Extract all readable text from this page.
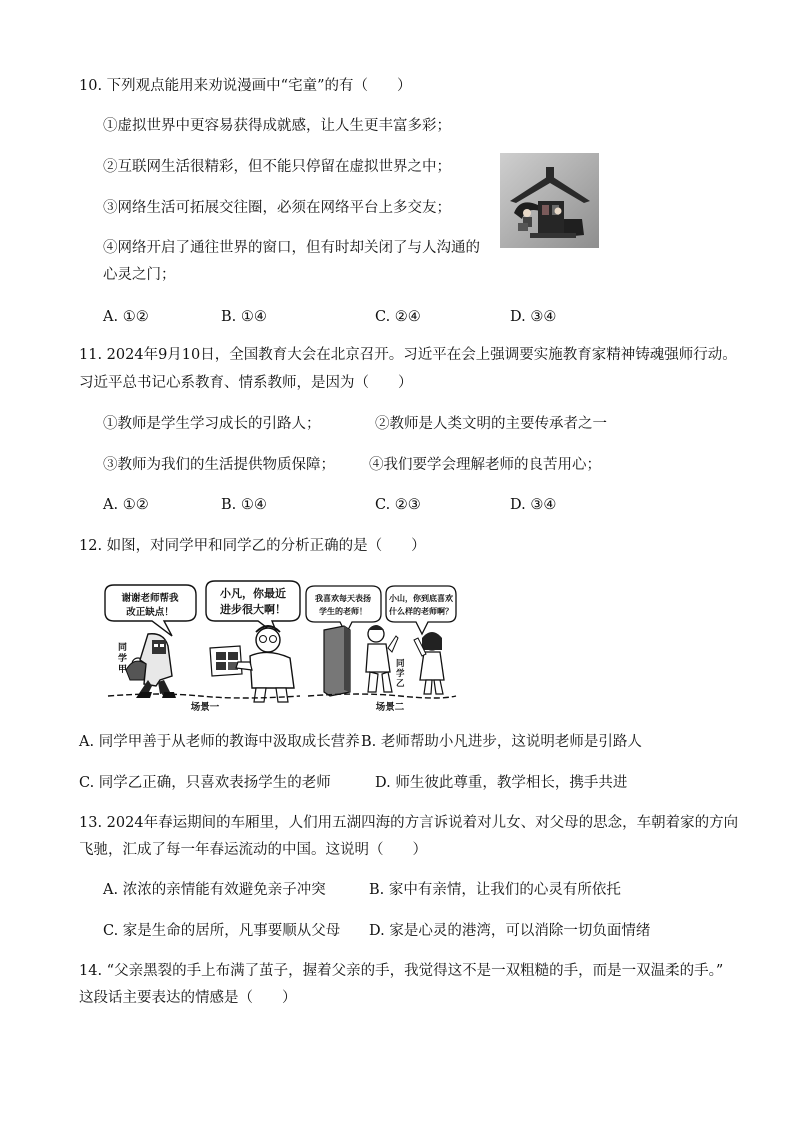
10. 下列观点能用来劝说漫画中“宅童”的有（　　）
①虚拟世界中更容易获得成就感，让人生更丰富多彩；
②互联网生活很精彩，但不能只停留在虚拟世界之中；
③网络生活可拓展交往圈，必须在网络平台上多交友；
④网络开启了通往世界的窗口，但有时却关闭了与人沟通的
心灵之门；
A. ①②	B. ①④	C. ②④	D. ③④
11. 2024年9月10日，全国教育大会在北京召开。习近平在会上强调要实施教育家精神铸魂强师行动。
习近平总书记心系教育、情系教师，是因为（　　）
①教师是学生学习成长的引路人；	②教师是人类文明的主要传承者之一
③教师为我们的生活提供物质保障； ④我们要学会理解老师的良苦用心；
A. ①②	B. ①④	C. ②③	D. ③④
12. 如图，对同学甲和同学乙的分析正确的是（　　）
谢谢老师帮我
改正缺点！
小凡，你最近
进步很大啊！
同
学
甲
场景一
我喜欢每天表扬
学生的老师！
小山，你到底喜欢
什么样的老师啊？
同
学
乙
场景二
A. 同学甲善于从老师的教诲中汲取成长营养 B. 老师帮助小凡进步，这说明老师是引路人
C. 同学乙正确，只喜欢表扬学生的老师	D. 师生彼此尊重，教学相长，携手共进
13. 2024年春运期间的车厢里，人们用五湖四海的方言诉说着对儿女、对父母的思念，车朝着家的方向
飞驰，汇成了每一年春运流动的中国。这说明（　　）
A. 浓浓的亲情能有效避免亲子冲突	B. 家中有亲情，让我们的心灵有所依托
C. 家是生命的居所，凡事要顺从父母 D. 家是心灵的港湾，可以消除一切负面情绪
14. “父亲黑裂的手上布满了茧子，握着父亲的手，我觉得这不是一双粗糙的手，而是一双温柔的手。”
这段话主要表达的情感是（　　）
